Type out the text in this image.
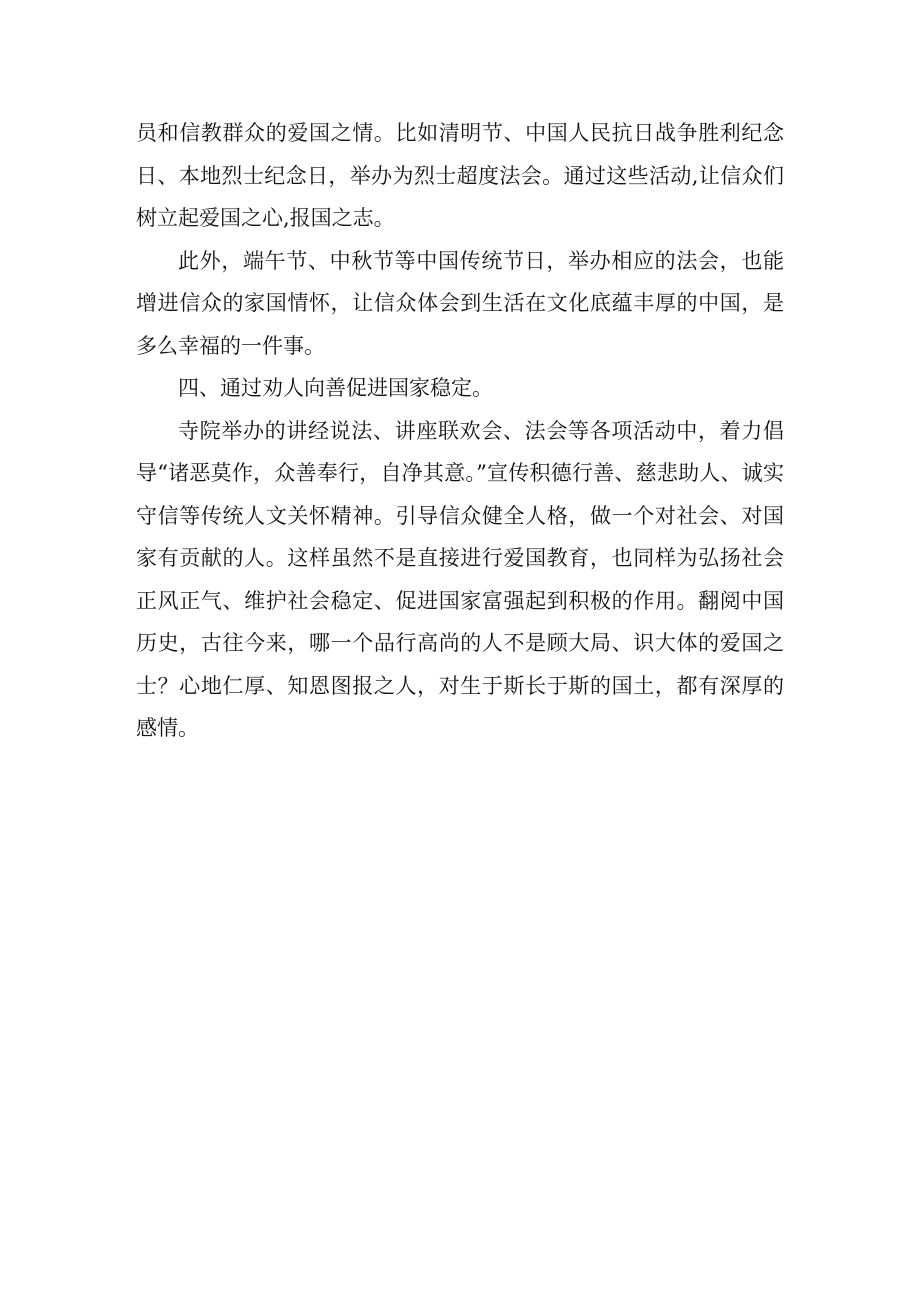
员和信教群众的爱国之情。比如清明节、中国人民抗日战争胜利纪念日、本地烈士纪念日，举办为烈士超度法会。通过这些活动,让信众们树立起爱国之心,报国之志。

此外，端午节、中秋节等中国传统节日，举办相应的法会，也能增进信众的家国情怀，让信众体会到生活在文化底蕴丰厚的中国，是多么幸福的一件事。

四、通过劝人向善促进国家稳定。

寺院举办的讲经说法、讲座联欢会、法会等各项活动中，着力倡导“诸恶莫作，众善奉行，自净其意。”宣传积德行善、慈悲助人、诚实守信等传统人文关怀精神。引导信众健全人格，做一个对社会、对国家有贡献的人。这样虽然不是直接进行爱国教育，也同样为弘扬社会正风正气、维护社会稳定、促进国家富强起到积极的作用。翻阅中国历史，古往今来，哪一个品行高尚的人不是顾大局、识大体的爱国之士？心地仁厚、知恩图报之人，对生于斯长于斯的国土，都有深厚的感情。
